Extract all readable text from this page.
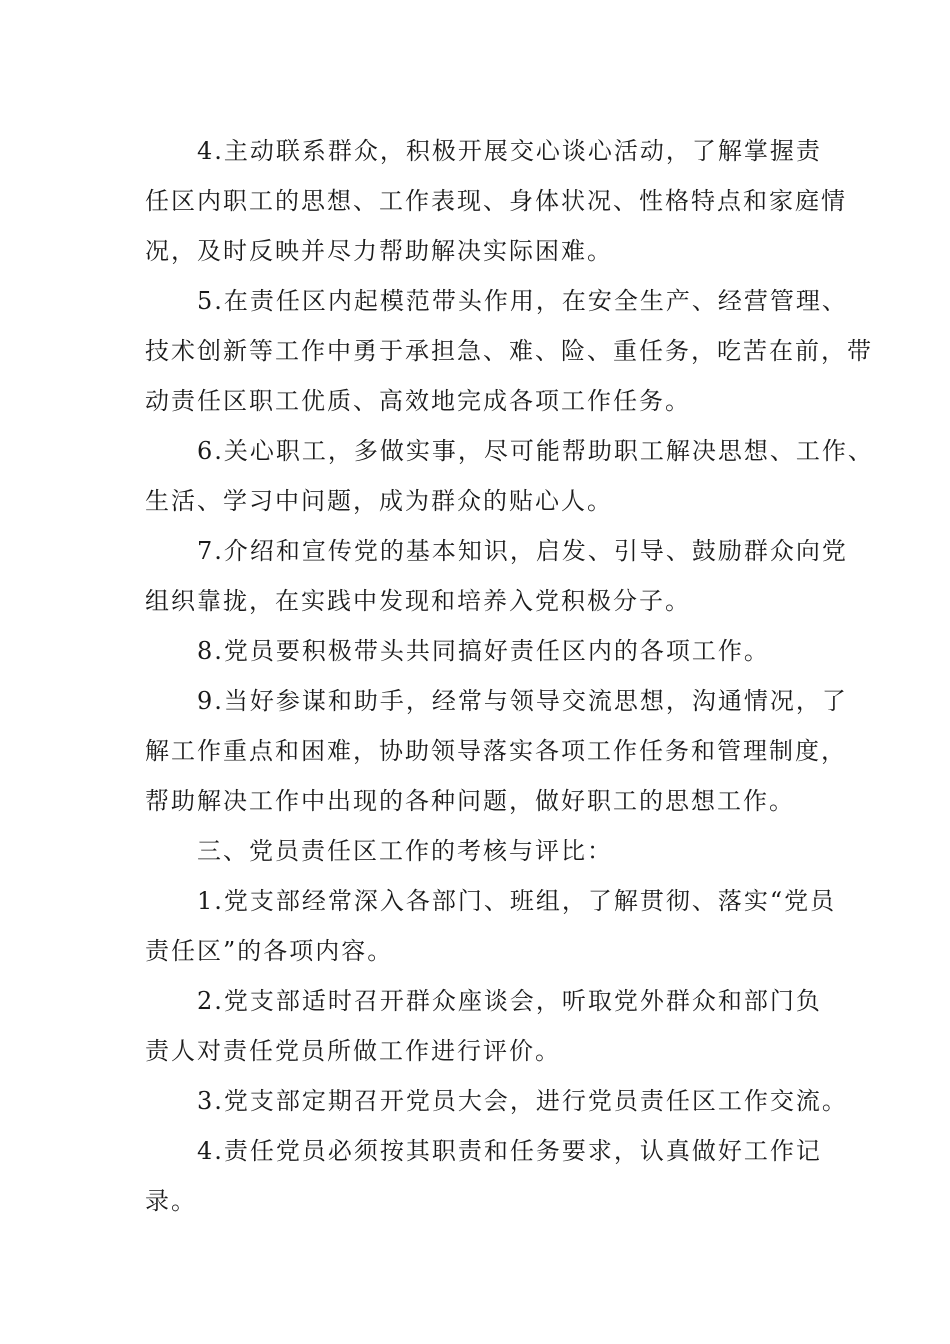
4.主动联系群众，积极开展交心谈心活动，了解掌握责
任区内职工的思想、工作表现、身体状况、性格特点和家庭情
况，及时反映并尽力帮助解决实际困难。

5.在责任区内起模范带头作用，在安全生产、经营管理、
技术创新等工作中勇于承担急、难、险、重任务，吃苦在前，带
动责任区职工优质、高效地完成各项工作任务。

6.关心职工，多做实事，尽可能帮助职工解决思想、工作、
生活、学习中问题，成为群众的贴心人。

7.介绍和宣传党的基本知识，启发、引导、鼓励群众向党
组织靠拢，在实践中发现和培养入党积极分子。

8.党员要积极带头共同搞好责任区内的各项工作。

9.当好参谋和助手，经常与领导交流思想，沟通情况，了
解工作重点和困难，协助领导落实各项工作任务和管理制度，
帮助解决工作中出现的各种问题，做好职工的思想工作。

三、党员责任区工作的考核与评比：

1.党支部经常深入各部门、班组，了解贯彻、落实“党员
责任区”的各项内容。

2.党支部适时召开群众座谈会，听取党外群众和部门负
责人对责任党员所做工作进行评价。

3.党支部定期召开党员大会，进行党员责任区工作交流。

4.责任党员必须按其职责和任务要求，认真做好工作记
录。
